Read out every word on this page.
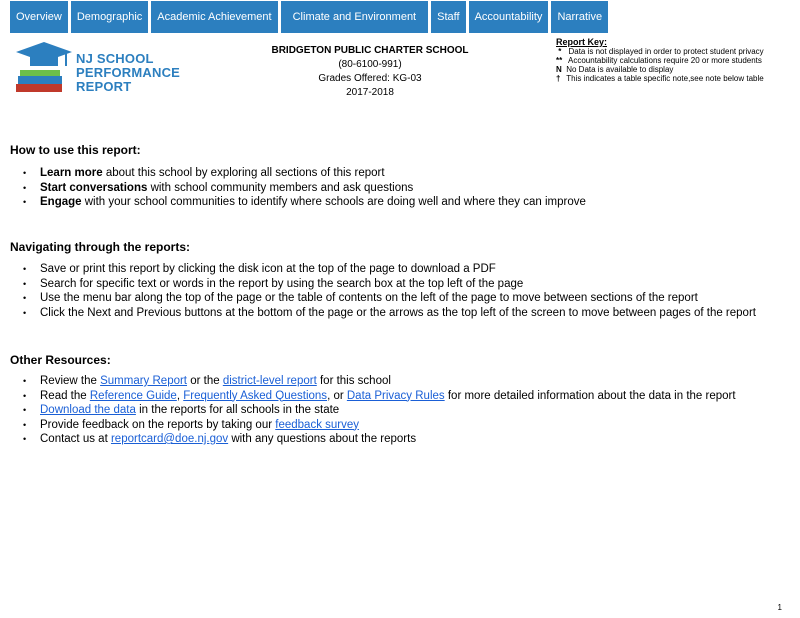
Overview	Demographic	Academic Achievement	Climate and Environment	Staff	Accountability	Narrative
NJ SCHOOL
PERFORMANCE
REPORT
BRIDGETON PUBLIC CHARTER SCHOOL
(80-6100-991)
Grades Offered: KG-03
2017-2018
Report Key:
* Data is not displayed in order to protect student privacy
** Accountability calculations require 20 or more students
N No Data is available to display
† This indicates a table specific note,see note below table
How to use this report:
• Learn more about this school by exploring all sections of this report
• Start conversations with school community members and ask questions
• Engage with your school communities to identify where schools are doing well and where they can improve
Navigating through the reports:
• Save or print this report by clicking the disk icon at the top of the page to download a PDF
• Search for specific text or words in the report by using the search box at the top left of the page
• Use the menu bar along the top of the page or the table of contents on the left of the page to move between sections of the report
• Click the Next and Previous buttons at the bottom of the page or the arrows as the top left of the screen to move between pages of the report
Other Resources:
• Review the Summary Report or the district-level report for this school
• Read the Reference Guide, Frequently Asked Questions, or Data Privacy Rules for more detailed information about the data in the report
• Download the data in the reports for all schools in the state
• Provide feedback on the reports by taking our feedback survey
• Contact us at reportcard@doe.nj.gov with any questions about the reports
1
